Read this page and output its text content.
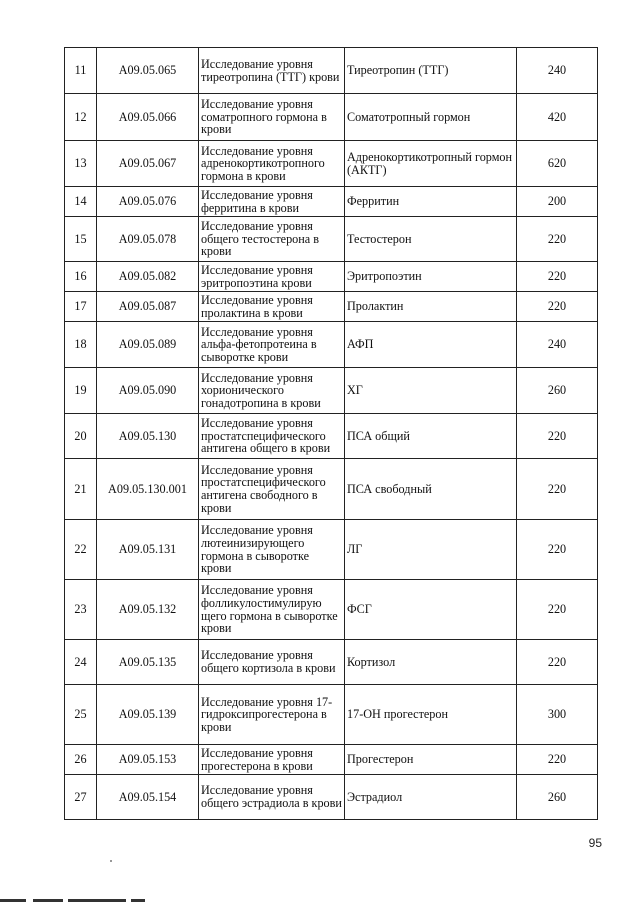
11	A09.05.065	Исследование уровня тиреотропина (ТТГ) крови	Тиреотропин (ТТГ)	240
12	A09.05.066	Исследование уровня соматропного гормона в крови	Соматотропный гормон	420
13	A09.05.067	Исследование уровня адренокортикотропного гормона в крови	Адренокортикотропный гормон (АКТГ)	620
14	A09.05.076	Исследование уровня ферритина в крови	Ферритин	200
15	A09.05.078	Исследование уровня общего тестостерона в крови	Тестостерон	220
16	A09.05.082	Исследование уровня эритропоэтина крови	Эритропоэтин	220
17	A09.05.087	Исследование уровня пролактина в крови	Пролактин	220
18	A09.05.089	Исследование уровня альфа-фетопротеина в сыворотке крови	АФП	240
19	A09.05.090	Исследование уровня хорионического гонадотропина в крови	ХГ	260
20	A09.05.130	Исследование уровня простатспецифического антигена общего в крови	ПСА общий	220
21	A09.05.130.001	Исследование уровня простатспецифического антигена свободного в крови	ПСА свободный	220
22	A09.05.131	Исследование уровня лютеинизирующего гормона в сыворотке крови	ЛГ	220
23	A09.05.132	Исследование уровня фолликулостимулирую щего гормона в сыворотке крови	ФСГ	220
24	A09.05.135	Исследование уровня общего кортизола в крови	Кортизол	220
25	A09.05.139	Исследование уровня 17-гидроксипрогестерона в крови	17-ОН прогестерон	300
26	A09.05.153	Исследование уровня прогестерона в крови	Прогестерон	220
27	A09.05.154	Исследование уровня общего эстрадиола в крови	Эстрадиол	260
95
